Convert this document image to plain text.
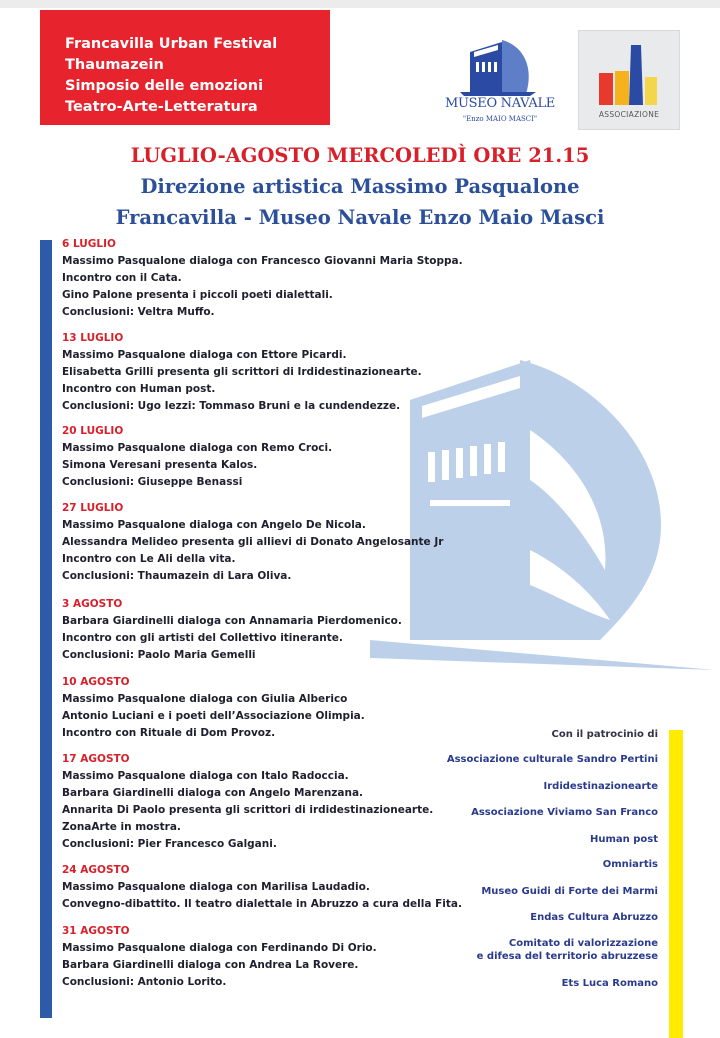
Francavilla Urban Festival
Thaumazein
Simposio delle emozioni
Teatro-Arte-Letteratura	MUSEO NAVALE
"Enzo MAIO MASCI"	ASSOCIAZIONE
LUGLIO-AGOSTO MERCOLEDÌ ORE 21.15
Direzione artistica Massimo Pasqualone
Francavilla - Museo Navale Enzo Maio Masci
6 LUGLIO
Massimo Pasqualone dialoga con Francesco Giovanni Maria Stoppa.
Incontro con il Cata.
Gino Palone presenta i piccoli poeti dialettali.
Conclusioni: Veltra Muffo.
13 LUGLIO
Massimo Pasqualone dialoga con Ettore Picardi.
Elisabetta Grilli presenta gli scrittori di Irdidestinazionearte.
Incontro con Human post.
Conclusioni: Ugo Iezzi: Tommaso Bruni e la cundendezze.
20 LUGLIO
Massimo Pasqualone dialoga con Remo Croci.
Simona Veresani presenta Kalos.
Conclusioni: Giuseppe Benassi
27 LUGLIO
Massimo Pasqualone dialoga con Angelo De Nicola.
Alessandra Melideo presenta gli allievi di Donato Angelosante Jr
Incontro con Le Ali della vita.
Conclusioni: Thaumazein di Lara Oliva.
3 AGOSTO
Barbara Giardinelli dialoga con Annamaria Pierdomenico.
Incontro con gli artisti del Collettivo itinerante.
Conclusioni: Paolo Maria Gemelli
10 AGOSTO
Massimo Pasqualone dialoga con Giulia Alberico
Antonio Luciani e i poeti dell’Associazione Olimpia.
Incontro con Rituale di Dom Provoz.
17 AGOSTO
Massimo Pasqualone dialoga con Italo Radoccia.
Barbara Giardinelli dialoga con Angelo Marenzana.
Annarita Di Paolo presenta gli scrittori di irdidestinazionearte.
ZonaArte in mostra.
Conclusioni: Pier Francesco Galgani.
24 AGOSTO
Massimo Pasqualone dialoga con Marilisa Laudadio.
Convegno-dibattito. Il teatro dialettale in Abruzzo a cura della Fita.
31 AGOSTO
Massimo Pasqualone dialoga con Ferdinando Di Orio.
Barbara Giardinelli dialoga con Andrea La Rovere.
Conclusioni: Antonio Lorito.
Con il patrocinio di
Associazione culturale Sandro Pertini
Irdidestinazionearte
Associazione Viviamo San Franco
Human post
Omniartis
Museo Guidi di Forte dei Marmi
Endas Cultura Abruzzo
Comitato di valorizzazione
e difesa del territorio abruzzese
Ets Luca Romano
